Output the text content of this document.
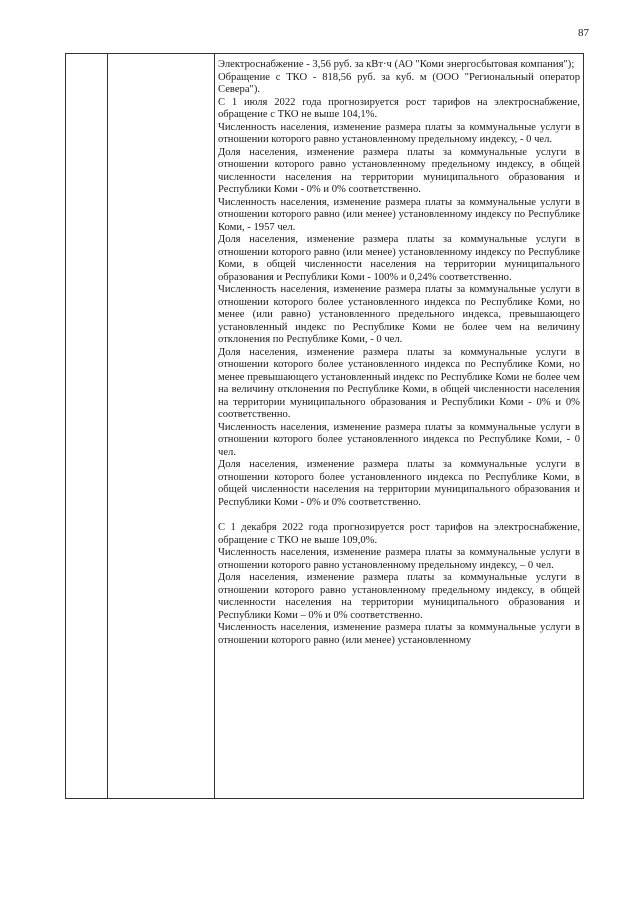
87

Электроснабжение - 3,56 руб. за кВт·ч (АО "Коми энергосбытовая компания");

Обращение с ТКО - 818,56 руб. за куб. м (ООО "Региональный оператор Севера").

С 1 июля 2022 года прогнозируется рост тарифов на электроснабжение, обращение с ТКО не выше 104,1%.

Численность населения, изменение размера платы за коммунальные услуги в отношении которого равно установленному предельному индексу, - 0 чел.

Доля населения, изменение размера платы за коммунальные услуги в отношении которого равно установленному предельному индексу, в общей численности населения на территории муниципального образования и Республики Коми - 0% и 0% соответственно.

Численность населения, изменение размера платы за коммунальные услуги в отношении которого равно (или менее) установленному индексу по Республике Коми, - 1957 чел.

Доля населения, изменение размера платы за коммунальные услуги в отношении которого равно (или менее) установленному индексу по Республике Коми, в общей численности населения на территории муниципального образования и Республики Коми - 100% и 0,24% соответственно.

Численность населения, изменение размера платы за коммунальные услуги в отношении которого более установленного индекса по Республике Коми, но менее (или равно) установленного предельного индекса, превышающего установленный индекс по Республике Коми не более чем на величину отклонения по Республике Коми, - 0 чел.

Доля населения, изменение размера платы за коммунальные услуги в отношении которого более установленного индекса по Республике Коми, но менее превышающего установленный индекс по Республике Коми не более чем на величину отклонения по Республике Коми, в общей численности населения на территории муниципального образования и Республики Коми - 0% и 0% соответственно.

Численность населения, изменение размера платы за коммунальные услуги в отношении которого более установленного индекса по Республике Коми, - 0 чел.

Доля населения, изменение размера платы за коммунальные услуги в отношении которого более установленного индекса по Республике Коми, в общей численности населения на территории муниципального образования и Республики Коми - 0% и 0% соответственно.

С 1 декабря 2022 года прогнозируется рост тарифов на электроснабжение, обращение с ТКО не выше 109,0%.

Численность населения, изменение размера платы за коммунальные услуги в отношении которого равно установленному предельному индексу, – 0 чел.

Доля населения, изменение размера платы за коммунальные услуги в отношении которого равно установленному предельному индексу, в общей численности населения на территории муниципального образования и Республики Коми – 0% и 0% соответственно.

Численность населения, изменение размера платы за коммунальные услуги в отношении которого равно (или менее) установленному
